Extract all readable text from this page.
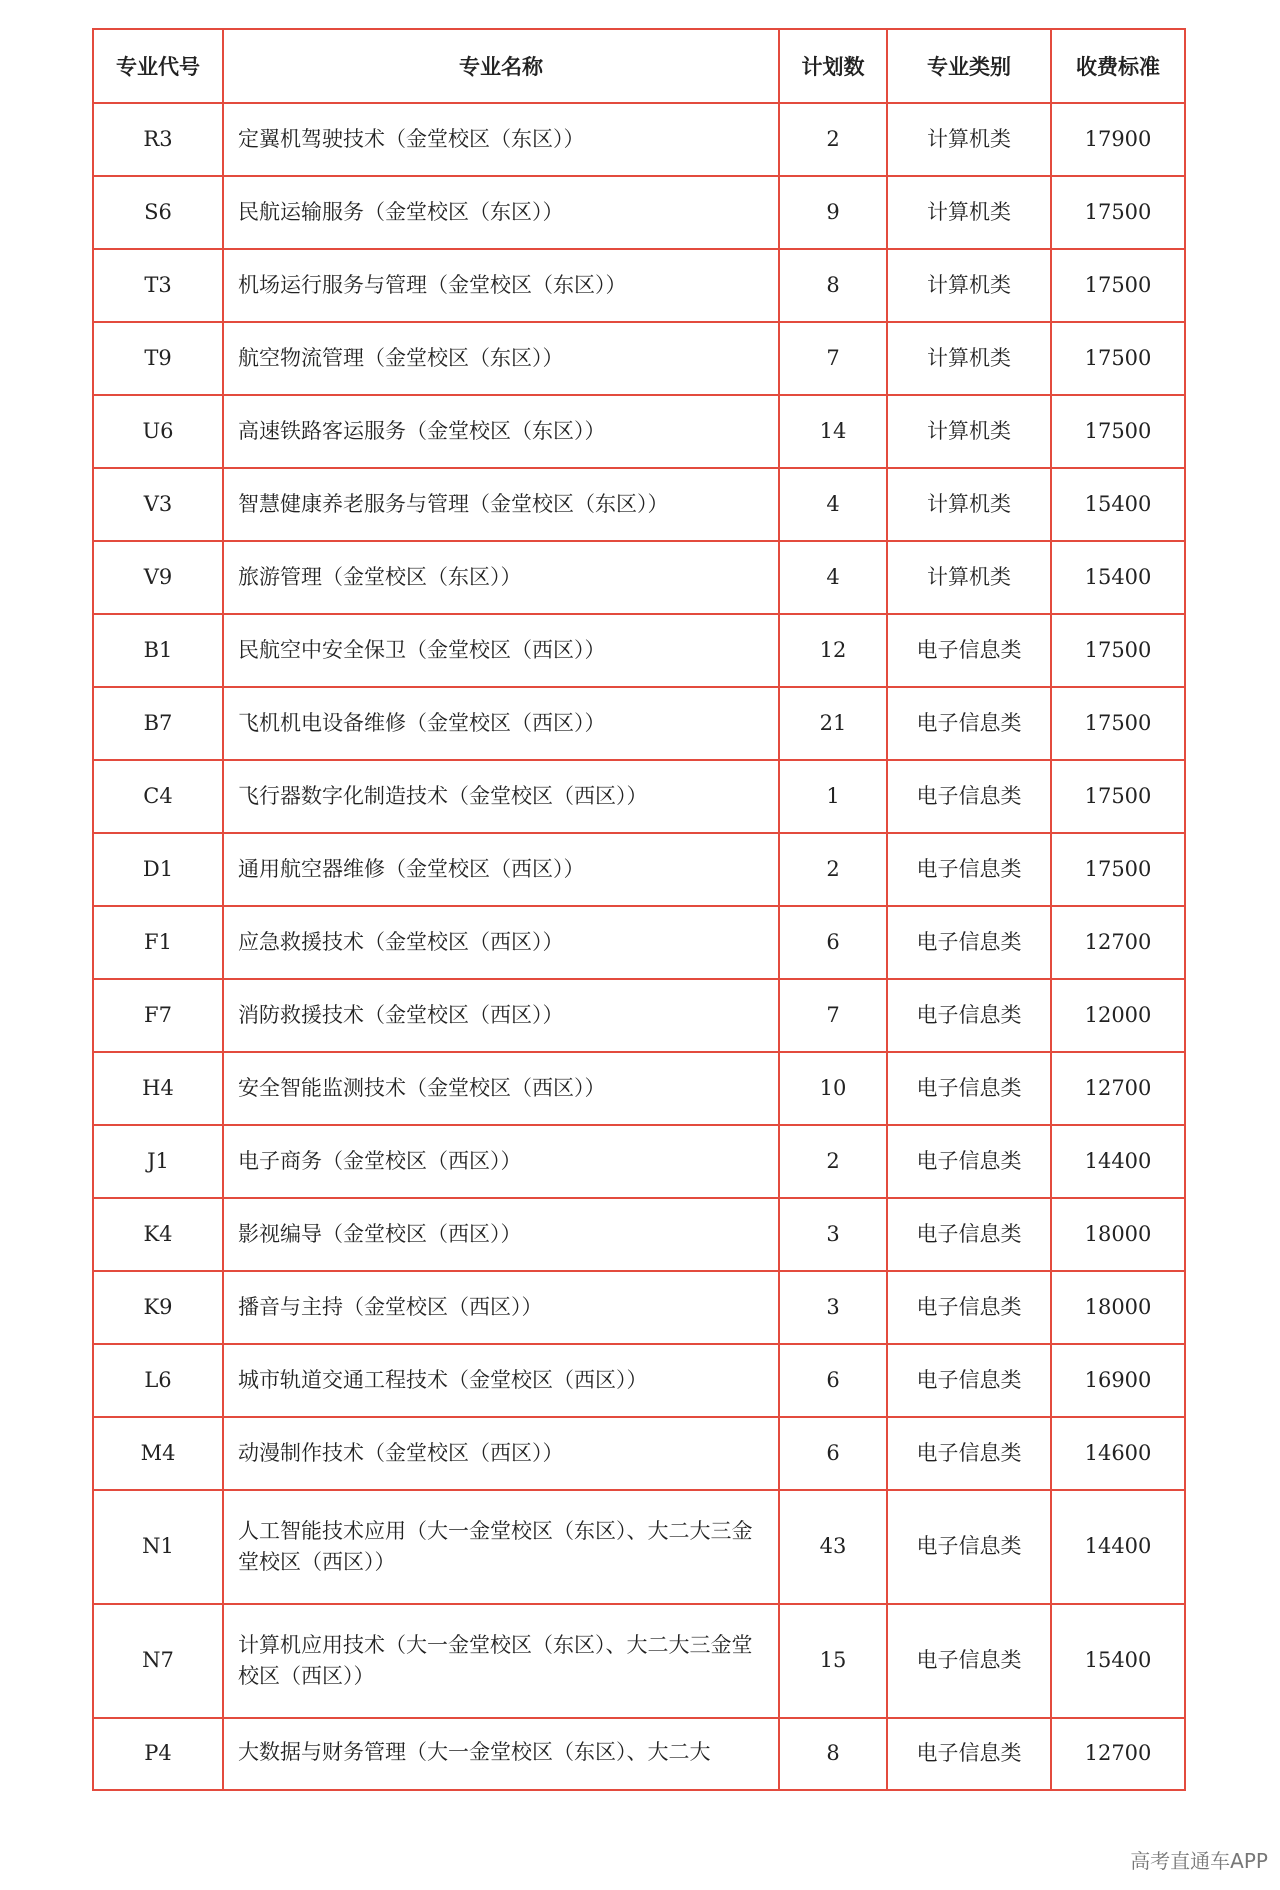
专业代号	专业名称	计划数	专业类别	收费标准
R3	定翼机驾驶技术（金堂校区（东区））	2	计算机类	17900
S6	民航运输服务（金堂校区（东区））	9	计算机类	17500
T3	机场运行服务与管理（金堂校区（东区））	8	计算机类	17500
T9	航空物流管理（金堂校区（东区））	7	计算机类	17500
U6	高速铁路客运服务（金堂校区（东区））	14	计算机类	17500
V3	智慧健康养老服务与管理（金堂校区（东区））	4	计算机类	15400
V9	旅游管理（金堂校区（东区））	4	计算机类	15400
B1	民航空中安全保卫（金堂校区（西区））	12	电子信息类	17500
B7	飞机机电设备维修（金堂校区（西区））	21	电子信息类	17500
C4	飞行器数字化制造技术（金堂校区（西区））	1	电子信息类	17500
D1	通用航空器维修（金堂校区（西区））	2	电子信息类	17500
F1	应急救援技术（金堂校区（西区））	6	电子信息类	12700
F7	消防救援技术（金堂校区（西区））	7	电子信息类	12000
H4	安全智能监测技术（金堂校区（西区））	10	电子信息类	12700
J1	电子商务（金堂校区（西区））	2	电子信息类	14400
K4	影视编导（金堂校区（西区））	3	电子信息类	18000
K9	播音与主持（金堂校区（西区））	3	电子信息类	18000
L6	城市轨道交通工程技术（金堂校区（西区））	6	电子信息类	16900
M4	动漫制作技术（金堂校区（西区））	6	电子信息类	14600
N1	人工智能技术应用（大一金堂校区（东区）、大二大三金堂校区（西区））	43	电子信息类	14400
N7	计算机应用技术（大一金堂校区（东区）、大二大三金堂校区（西区））	15	电子信息类	15400
P4	大数据与财务管理（大一金堂校区（东区）、大二大	8	电子信息类	12700
高考直通车APP
